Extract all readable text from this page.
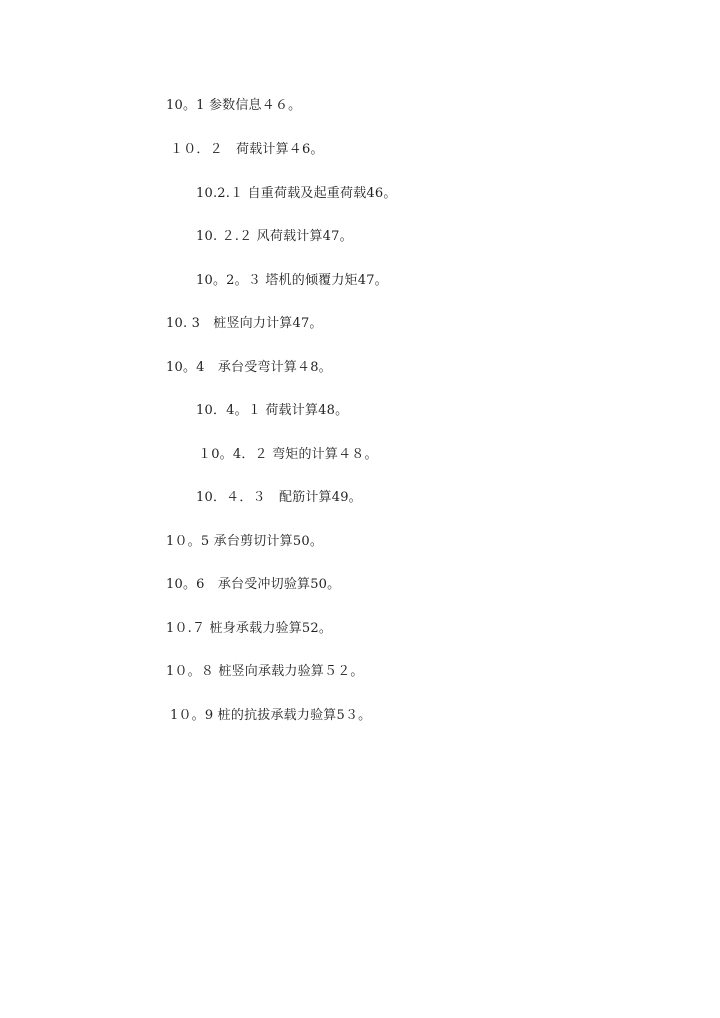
10。1 参数信息４６。
１０．２　荷载计算４6。
10.2.１ 自重荷载及起重荷载46。
10. ２.２ 风荷载计算47。
10。2。３ 塔机的倾覆力矩47。
10. 3　桩竖向力计算47。
10。4　承台受弯计算４8。
10．4。１ 荷载计算48。
１0。4．２ 弯矩的计算４８。
10．４．３　配筋计算49。
1０。5 承台剪切计算50。
10。6　承台受冲切验算50。
1０.７ 桩身承载力验算52。
1０。８ 桩竖向承载力验算５２。
1０。9 桩的抗拔承载力验算5３。
